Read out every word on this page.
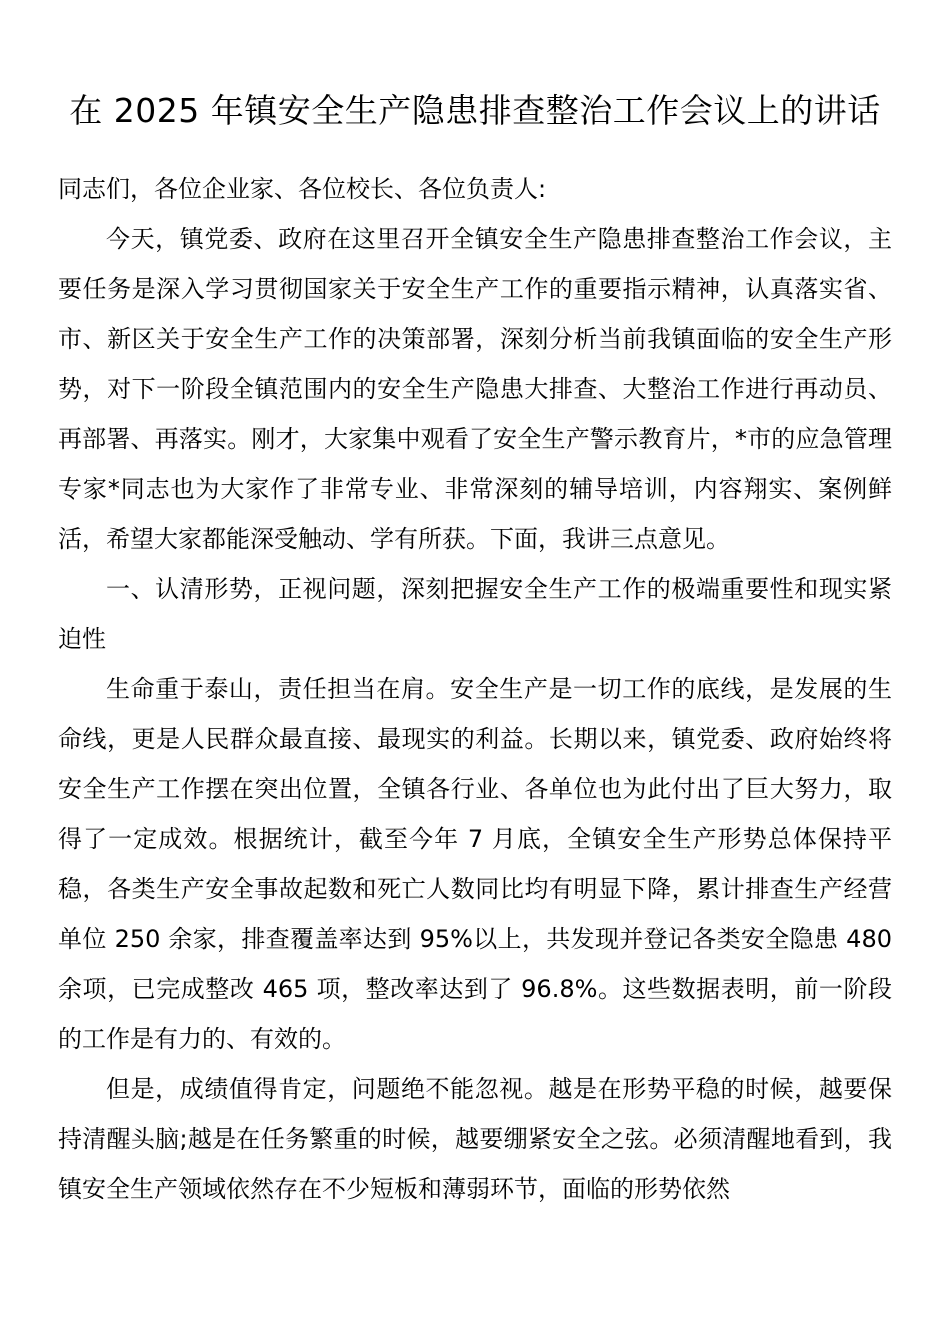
在 2025 年镇安全生产隐患排查整治工作会议上的讲话

同志们，各位企业家、各位校长、各位负责人:

今天，镇党委、政府在这里召开全镇安全生产隐患排查整治工作会议，主要任务是深入学习贯彻国家关于安全生产工作的重要指示精神，认真落实省、市、新区关于安全生产工作的决策部署，深刻分析当前我镇面临的安全生产形势，对下一阶段全镇范围内的安全生产隐患大排查、大整治工作进行再动员、再部署、再落实。刚才，大家集中观看了安全生产警示教育片，*市的应急管理专家*同志也为大家作了非常专业、非常深刻的辅导培训，内容翔实、案例鲜活，希望大家都能深受触动、学有所获。下面，我讲三点意见。

一、认清形势，正视问题，深刻把握安全生产工作的极端重要性和现实紧迫性

生命重于泰山，责任担当在肩。安全生产是一切工作的底线，是发展的生命线，更是人民群众最直接、最现实的利益。长期以来，镇党委、政府始终将安全生产工作摆在突出位置，全镇各行业、各单位也为此付出了巨大努力，取得了一定成效。根据统计，截至今年 7 月底，全镇安全生产形势总体保持平稳，各类生产安全事故起数和死亡人数同比均有明显下降，累计排查生产经营单位 250 余家，排查覆盖率达到 95%以上，共发现并登记各类安全隐患 480 余项，已完成整改 465 项，整改率达到了 96.8%。这些数据表明，前一阶段的工作是有力的、有效的。

但是，成绩值得肯定，问题绝不能忽视。越是在形势平稳的时候，越要保持清醒头脑;越是在任务繁重的时候，越要绷紧安全之弦。必须清醒地看到，我镇安全生产领域依然存在不少短板和薄弱环节，面临的形势依然
